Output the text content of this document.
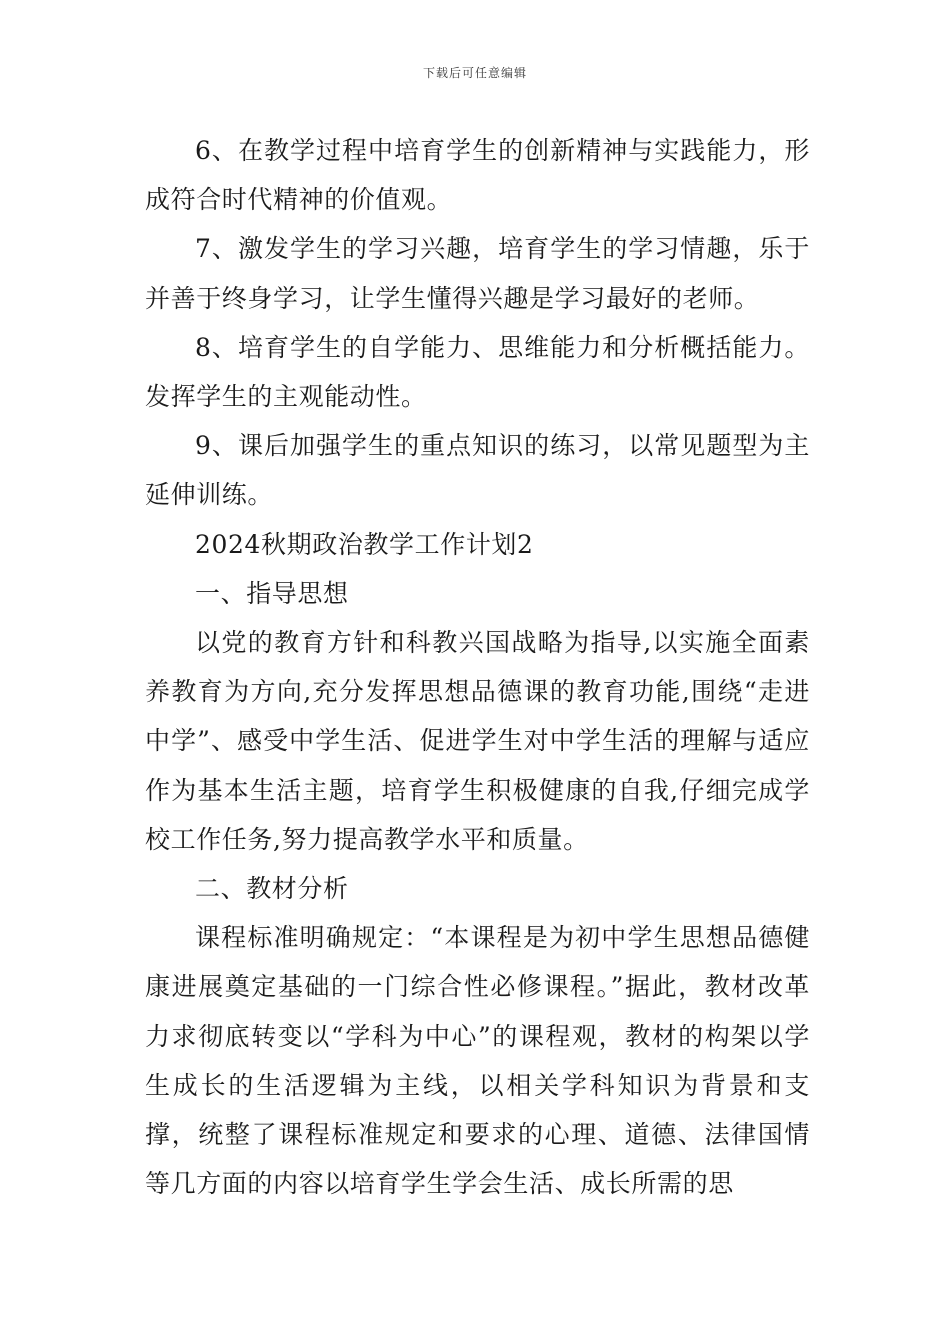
下载后可任意编辑

6、在教学过程中培育学生的创新精神与实践能力，形成符合时代精神的价值观。

7、激发学生的学习兴趣，培育学生的学习情趣，乐于并善于终身学习，让学生懂得兴趣是学习最好的老师。

8、培育学生的自学能力、思维能力和分析概括能力。发挥学生的主观能动性。

9、课后加强学生的重点知识的练习，以常见题型为主延伸训练。

2024秋期政治教学工作计划2

一、指导思想

以党的教育方针和科教兴国战略为指导,以实施全面素养教育为方向,充分发挥思想品德课的教育功能,围绕“走进中学”、感受中学生活、促进学生对中学生活的理解与适应作为基本生活主题，培育学生积极健康的自我,仔细完成学校工作任务,努力提高教学水平和质量。

二、教材分析

课程标准明确规定：“本课程是为初中学生思想品德健康进展奠定基础的一门综合性必修课程。”据此，教材改革力求彻底转变以“学科为中心”的课程观，教材的构架以学生成长的生活逻辑为主线，以相关学科知识为背景和支撑，统整了课程标准规定和要求的心理、道德、法律国情等几方面的内容以培育学生学会生活、成长所需的思
